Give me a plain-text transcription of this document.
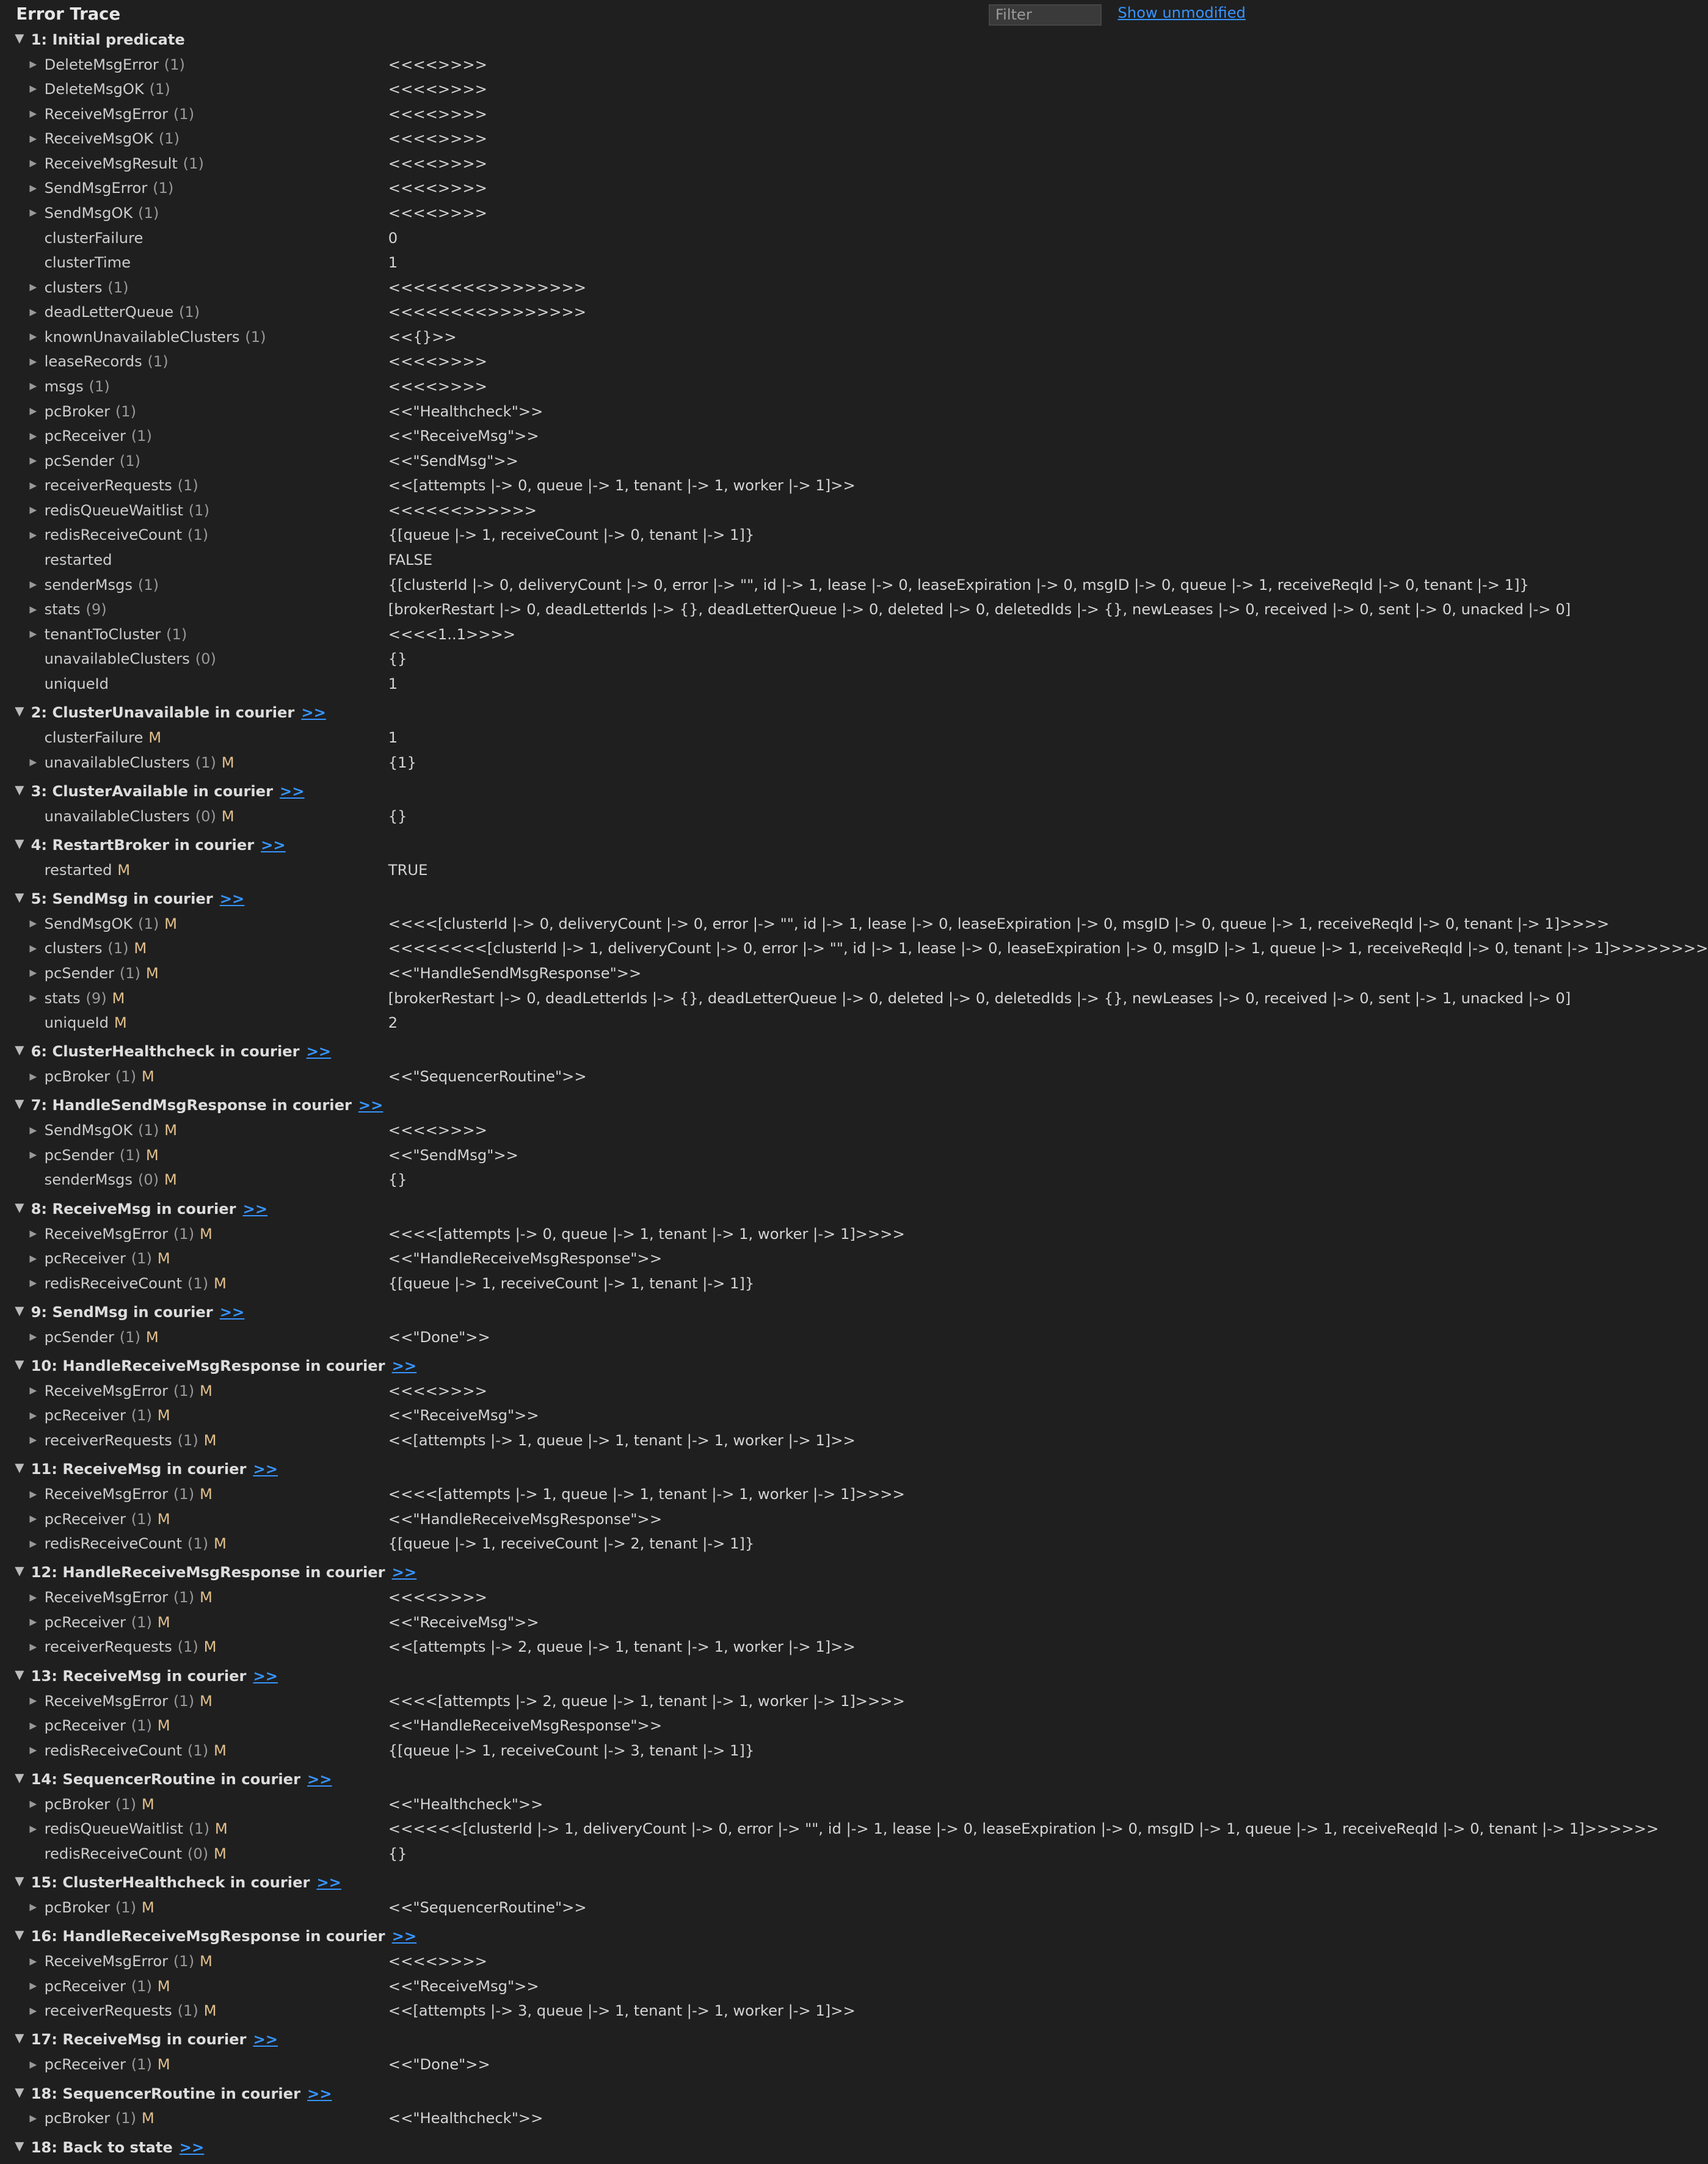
Error Trace
Filter	Show unmodified
▼ 1: Initial predicate
▶ DeleteMsgError (1)	<<<<>>>>
▶ DeleteMsgOK (1)	<<<<>>>>
▶ ReceiveMsgError (1)	<<<<>>>>
▶ ReceiveMsgOK (1)	<<<<>>>>
▶ ReceiveMsgResult (1)	<<<<>>>>
▶ SendMsgError (1)	<<<<>>>>
▶ SendMsgOK (1)	<<<<>>>>
clusterFailure	0
clusterTime	1
▶ clusters (1)	<<<<<<<<>>>>>>>>
▶ deadLetterQueue (1)	<<<<<<<<>>>>>>>>
▶ knownUnavailableClusters (1)	<<{}>>
▶ leaseRecords (1)	<<<<>>>>
▶ msgs (1)	<<<<>>>>
▶ pcBroker (1)	<<"Healthcheck">>
▶ pcReceiver (1)	<<"ReceiveMsg">>
▶ pcSender (1)	<<"SendMsg">>
▶ receiverRequests (1)	<<[attempts |-> 0, queue |-> 1, tenant |-> 1, worker |-> 1]>>
▶ redisQueueWaitlist (1)	<<<<<<>>>>>>
▶ redisReceiveCount (1)	{[queue |-> 1, receiveCount |-> 0, tenant |-> 1]}
restarted	FALSE
▶ senderMsgs (1)	{[clusterId |-> 0, deliveryCount |-> 0, error |-> "", id |-> 1, lease |-> 0, leaseExpiration |-> 0, msgID |-> 0, queue |-> 1, receiveReqId |-> 0, tenant |-> 1]}
▶ stats (9)	[brokerRestart |-> 0, deadLetterIds |-> {}, deadLetterQueue |-> 0, deleted |-> 0, deletedIds |-> {}, newLeases |-> 0, received |-> 0, sent |-> 0, unacked |-> 0]
▶ tenantToCluster (1)	<<<<1..1>>>>
unavailableClusters (0)	{}
uniqueId	1
▼ 2: ClusterUnavailable in courier >>
clusterFailure M	1
▶ unavailableClusters (1) M	{1}
▼ 3: ClusterAvailable in courier >>
unavailableClusters (0) M	{}
▼ 4: RestartBroker in courier >>
restarted M	TRUE
▼ 5: SendMsg in courier >>
▶ SendMsgOK (1) M	<<<<[clusterId |-> 0, deliveryCount |-> 0, error |-> "", id |-> 1, lease |-> 0, leaseExpiration |-> 0, msgID |-> 0, queue |-> 1, receiveReqId |-> 0, tenant |-> 1]>>>>
▶ clusters (1) M	<<<<<<<<[clusterId |-> 1, deliveryCount |-> 0, error |-> "", id |-> 1, lease |-> 0, leaseExpiration |-> 0, msgID |-> 1, queue |-> 1, receiveReqId |-> 0, tenant |-> 1]>>>>>>>>
▶ pcSender (1) M	<<"HandleSendMsgResponse">>
▶ stats (9) M	[brokerRestart |-> 0, deadLetterIds |-> {}, deadLetterQueue |-> 0, deleted |-> 0, deletedIds |-> {}, newLeases |-> 0, received |-> 0, sent |-> 1, unacked |-> 0]
uniqueId M	2
▼ 6: ClusterHealthcheck in courier >>
▶ pcBroker (1) M	<<"SequencerRoutine">>
▼ 7: HandleSendMsgResponse in courier >>
▶ SendMsgOK (1) M	<<<<>>>>
▶ pcSender (1) M	<<"SendMsg">>
senderMsgs (0) M	{}
▼ 8: ReceiveMsg in courier >>
▶ ReceiveMsgError (1) M	<<<<[attempts |-> 0, queue |-> 1, tenant |-> 1, worker |-> 1]>>>>
▶ pcReceiver (1) M	<<"HandleReceiveMsgResponse">>
▶ redisReceiveCount (1) M	{[queue |-> 1, receiveCount |-> 1, tenant |-> 1]}
▼ 9: SendMsg in courier >>
▶ pcSender (1) M	<<"Done">>
▼ 10: HandleReceiveMsgResponse in courier >>
▶ ReceiveMsgError (1) M	<<<<>>>>
▶ pcReceiver (1) M	<<"ReceiveMsg">>
▶ receiverRequests (1) M	<<[attempts |-> 1, queue |-> 1, tenant |-> 1, worker |-> 1]>>
▼ 11: ReceiveMsg in courier >>
▶ ReceiveMsgError (1) M	<<<<[attempts |-> 1, queue |-> 1, tenant |-> 1, worker |-> 1]>>>>
▶ pcReceiver (1) M	<<"HandleReceiveMsgResponse">>
▶ redisReceiveCount (1) M	{[queue |-> 1, receiveCount |-> 2, tenant |-> 1]}
▼ 12: HandleReceiveMsgResponse in courier >>
▶ ReceiveMsgError (1) M	<<<<>>>>
▶ pcReceiver (1) M	<<"ReceiveMsg">>
▶ receiverRequests (1) M	<<[attempts |-> 2, queue |-> 1, tenant |-> 1, worker |-> 1]>>
▼ 13: ReceiveMsg in courier >>
▶ ReceiveMsgError (1) M	<<<<[attempts |-> 2, queue |-> 1, tenant |-> 1, worker |-> 1]>>>>
▶ pcReceiver (1) M	<<"HandleReceiveMsgResponse">>
▶ redisReceiveCount (1) M	{[queue |-> 1, receiveCount |-> 3, tenant |-> 1]}
▼ 14: SequencerRoutine in courier >>
▶ pcBroker (1) M	<<"Healthcheck">>
▶ redisQueueWaitlist (1) M	<<<<<<[clusterId |-> 1, deliveryCount |-> 0, error |-> "", id |-> 1, lease |-> 0, leaseExpiration |-> 0, msgID |-> 1, queue |-> 1, receiveReqId |-> 0, tenant |-> 1]>>>>>>
redisReceiveCount (0) M	{}
▼ 15: ClusterHealthcheck in courier >>
▶ pcBroker (1) M	<<"SequencerRoutine">>
▼ 16: HandleReceiveMsgResponse in courier >>
▶ ReceiveMsgError (1) M	<<<<>>>>
▶ pcReceiver (1) M	<<"ReceiveMsg">>
▶ receiverRequests (1) M	<<[attempts |-> 3, queue |-> 1, tenant |-> 1, worker |-> 1]>>
▼ 17: ReceiveMsg in courier >>
▶ pcReceiver (1) M	<<"Done">>
▼ 18: SequencerRoutine in courier >>
▶ pcBroker (1) M	<<"Healthcheck">>
▼ 18: Back to state >>
